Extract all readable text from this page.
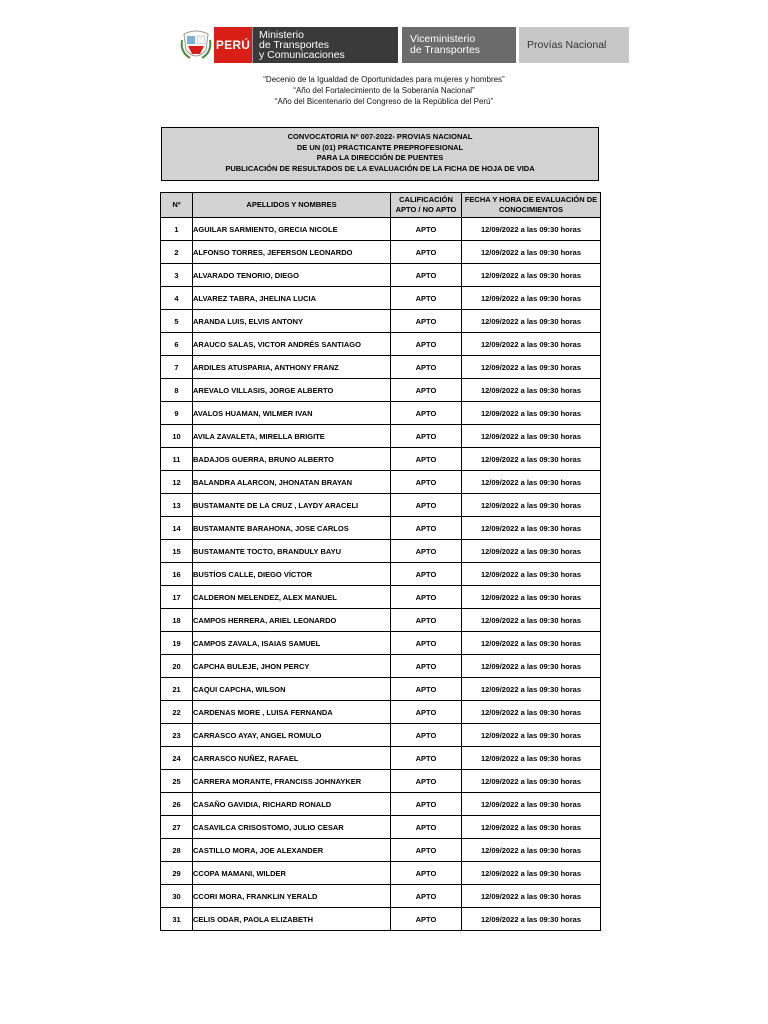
PERÚ
Ministerio
de Transportes
y Comunicaciones
Viceministerio
de Transportes	Provías Nacional
“Decenio de la Igualdad de Oportunidades para mujeres y hombres”
“Año del Fortalecimiento de la Soberanía Nacional”
“Año del Bicentenario del Congreso de la República del Perú”
CONVOCATORIA Nº 007-2022- PROVIAS NACIONAL
DE UN (01) PRACTICANTE PREPROFESIONAL
PARA LA DIRECCIÓN DE PUENTES
PUBLICACIÓN DE RESULTADOS DE LA EVALUACIÓN DE LA FICHA DE HOJA DE VIDA
Nº	APELLIDOS Y NOMBRES	CALIFICACIÓN APTO / NO APTO	FECHA Y HORA DE EVALUACIÓN DE CONOCIMIENTOS
1	AGUILAR SARMIENTO, GRECIA NICOLE	APTO	12/09/2022 a las 09:30 horas
2	ALFONSO TORRES, JEFERSON LEONARDO	APTO	12/09/2022 a las 09:30 horas
3	ALVARADO TENORIO, DIEGO	APTO	12/09/2022 a las 09:30 horas
4	ALVAREZ TABRA, JHELINA LUCIA	APTO	12/09/2022 a las 09:30 horas
5	ARANDA LUIS, ELVIS ANTONY	APTO	12/09/2022 a las 09:30 horas
6	ARAUCO SALAS, VICTOR ANDRÉS SANTIAGO	APTO	12/09/2022 a las 09:30 horas
7	ARDILES ATUSPARIA, ANTHONY FRANZ	APTO	12/09/2022 a las 09:30 horas
8	AREVALO VILLASIS, JORGE ALBERTO	APTO	12/09/2022 a las 09:30 horas
9	AVALOS HUAMAN, WILMER IVAN	APTO	12/09/2022 a las 09:30 horas
10	AVILA ZAVALETA, MIRELLA BRIGITE	APTO	12/09/2022 a las 09:30 horas
11	BADAJOS GUERRA, BRUNO ALBERTO	APTO	12/09/2022 a las 09:30 horas
12	BALANDRA ALARCON, JHONATAN BRAYAN	APTO	12/09/2022 a las 09:30 horas
13	BUSTAMANTE DE LA CRUZ , LAYDY ARACELI	APTO	12/09/2022 a las 09:30 horas
14	BUSTAMANTE BARAHONA, JOSE CARLOS	APTO	12/09/2022 a las 09:30 horas
15	BUSTAMANTE TOCTO, BRANDULY BAYU	APTO	12/09/2022 a las 09:30 horas
16	BUSTÍOS CALLE, DIEGO VÍCTOR	APTO	12/09/2022 a las 09:30 horas
17	CALDERON MELENDEZ, ALEX MANUEL	APTO	12/09/2022 a las 09:30 horas
18	CAMPOS HERRERA, ARIEL LEONARDO	APTO	12/09/2022 a las 09:30 horas
19	CAMPOS ZAVALA, ISAIAS SAMUEL	APTO	12/09/2022 a las 09:30 horas
20	CAPCHA BULEJE, JHON PERCY	APTO	12/09/2022 a las 09:30 horas
21	CAQUI CAPCHA, WILSON	APTO	12/09/2022 a las 09:30 horas
22	CARDENAS MORE , LUISA FERNANDA	APTO	12/09/2022 a las 09:30 horas
23	CARRASCO AYAY, ANGEL ROMULO	APTO	12/09/2022 a las 09:30 horas
24	CARRASCO NUÑEZ, RAFAEL	APTO	12/09/2022 a las 09:30 horas
25	CARRERA MORANTE, FRANCISS JOHNAYKER	APTO	12/09/2022 a las 09:30 horas
26	CASAÑO GAVIDIA, RICHARD RONALD	APTO	12/09/2022 a las 09:30 horas
27	CASAVILCA CRISOSTOMO, JULIO CESAR	APTO	12/09/2022 a las 09:30 horas
28	CASTILLO MORA, JOE ALEXANDER	APTO	12/09/2022 a las 09:30 horas
29	CCOPA MAMANI, WILDER	APTO	12/09/2022 a las 09:30 horas
30	CCORI MORA, FRANKLIN YERALD	APTO	12/09/2022 a las 09:30 horas
31	CELIS ODAR, PAOLA ELIZABETH	APTO	12/09/2022 a las 09:30 horas
